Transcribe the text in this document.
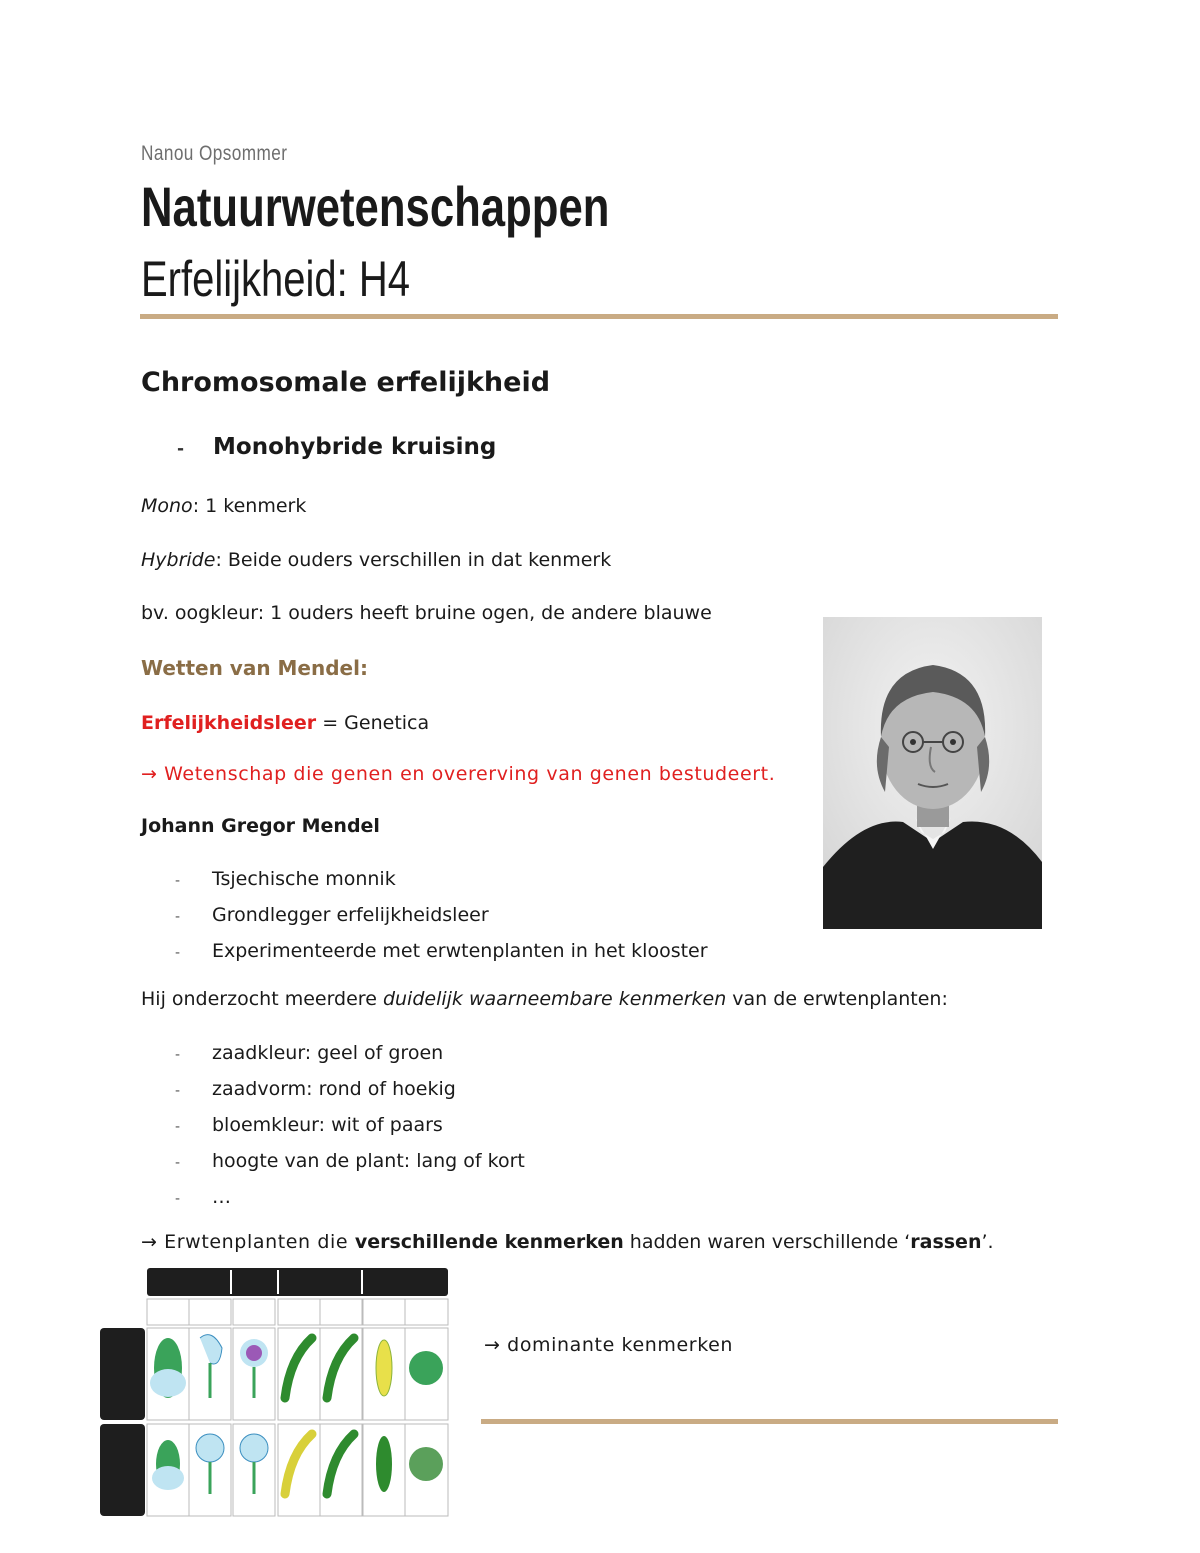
Nanou Opsommer
Natuurwetenschappen
Erfelijkheid: H4
Chromosomale erfelijkheid
- Monohybride kruising
Mono: 1 kenmerk
Hybride: Beide ouders verschillen in dat kenmerk
bv. oogkleur: 1 ouders heeft bruine ogen, de andere blauwe
Wetten van Mendel:
Erfelijkheidsleer = Genetica
→ Wetenschap die genen en overerving van genen bestudeert.
Johann Gregor Mendel
- Tsjechische monnik
- Grondlegger erfelijkheidsleer
- Experimenteerde met erwtenplanten in het klooster
Hij onderzocht meerdere duidelijk waarneembare kenmerken van de erwtenplanten:
- zaadkleur: geel of groen
- zaadvorm: rond of hoekig
- bloemkleur: wit of paars
- hoogte van de plant: lang of kort
- …
→ Erwtenplanten die verschillende kenmerken hadden waren verschillende ‘rassen’.
→ dominante kenmerken
